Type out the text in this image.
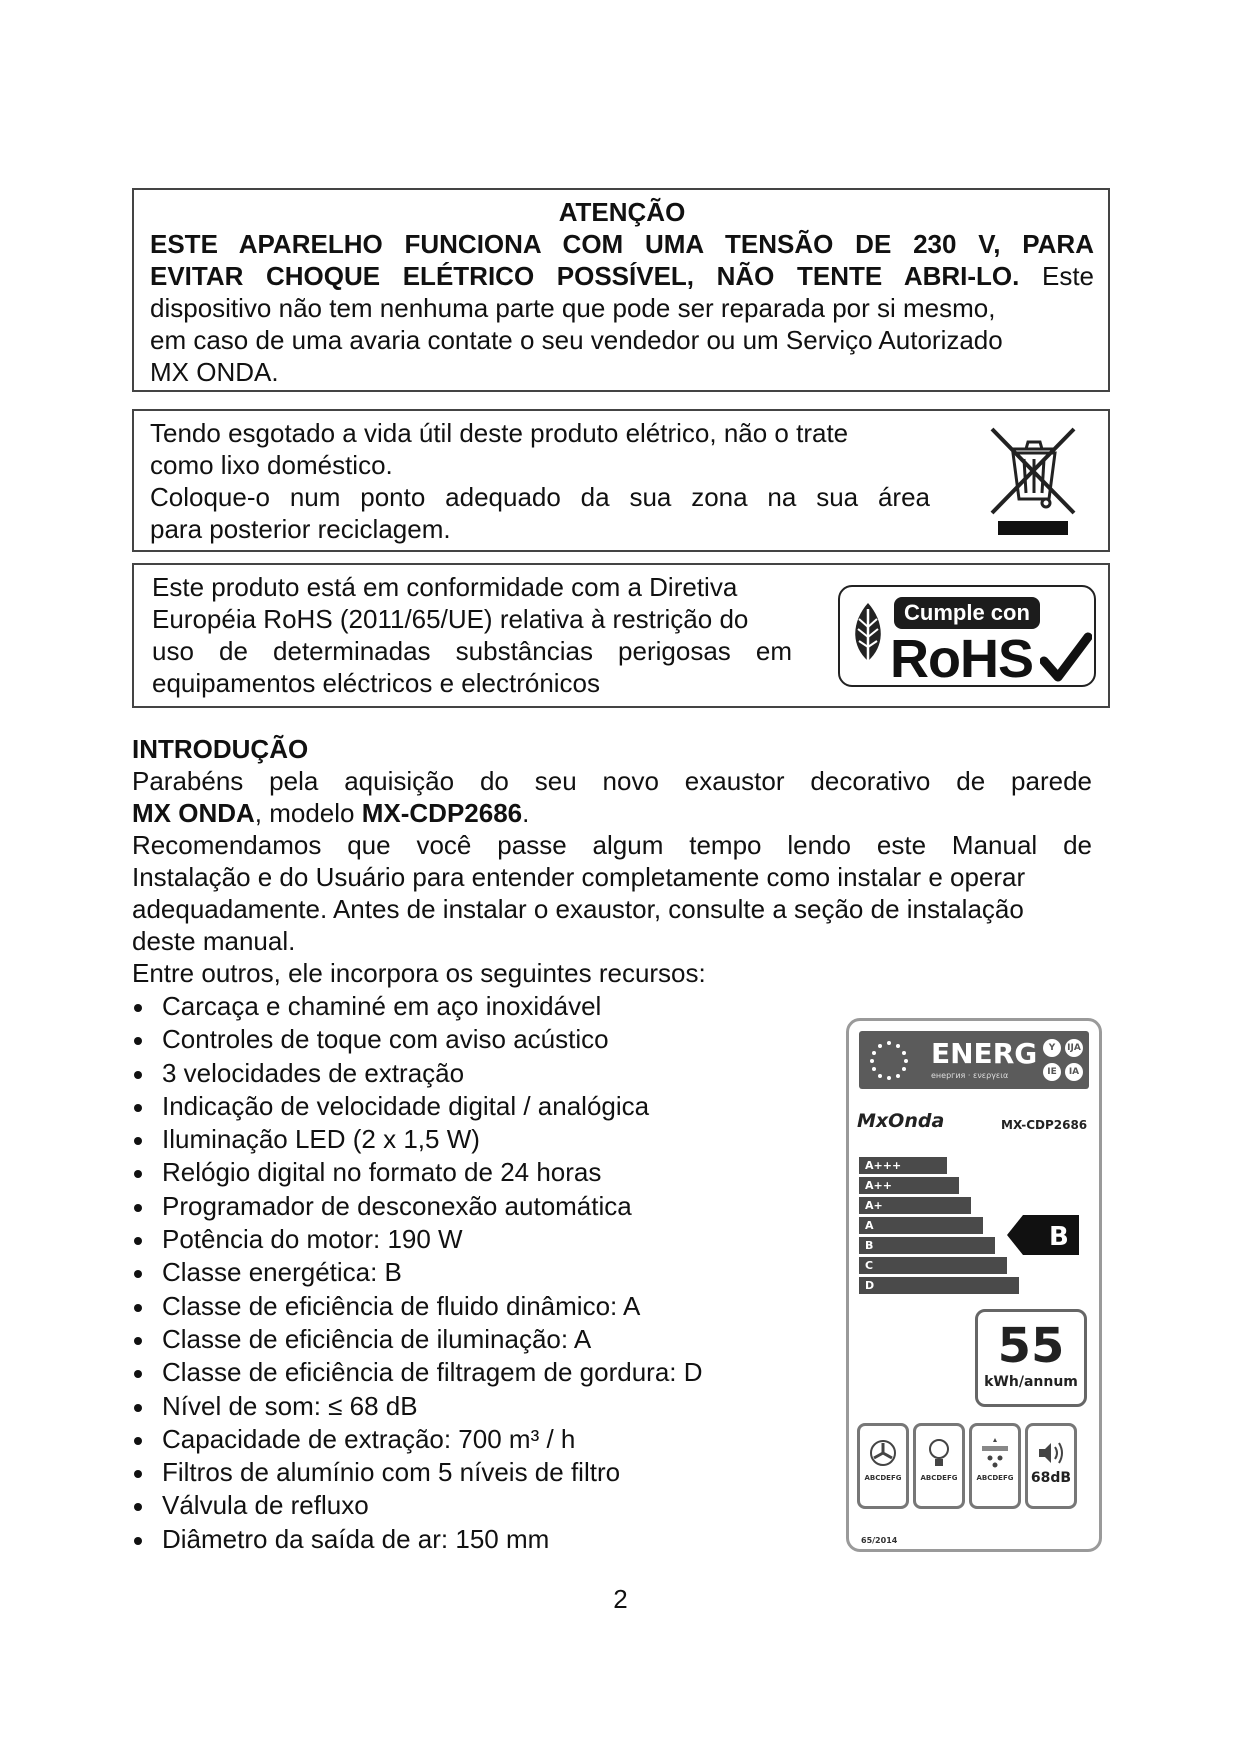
ATENÇÃO
ESTE APARELHO FUNCIONA COM UMA TENSÃO DE 230 V, PARA
EVITAR CHOQUE ELÉTRICO POSSÍVEL, NÃO TENTE ABRI-LO. Este
dispositivo não tem nenhuma parte que pode ser reparada por si mesmo,
em caso de uma avaria contate o seu vendedor ou um Serviço Autorizado
MX ONDA.
Tendo esgotado a vida útil deste produto elétrico, não o trate
como lixo doméstico.
Coloque-o num ponto adequado da sua zona na sua área
para posterior reciclagem.
Este produto está em conformidade com a Diretiva
Européia RoHS (2011/65/UE) relativa à restrição do
uso de determinadas substâncias perigosas em
equipamentos eléctricos e electrónicos
Cumple con
RoHS
INTRODUÇÃO
Parabéns pela aquisição do seu novo exaustor decorativo de parede
MX ONDA, modelo MX-CDP2686.
Recomendamos que você passe algum tempo lendo este Manual de
Instalação e do Usuário para entender completamente como instalar e operar
adequadamente. Antes de instalar o exaustor, consulte a seção de instalação
deste manual.
Entre outros, ele incorpora os seguintes recursos:
Carcaça e chaminé em aço inoxidável
Controles de toque com aviso acústico
3 velocidades de extração
Indicação de velocidade digital / analógica
Iluminação LED (2 x 1,5 W)
Relógio digital no formato de 24 horas
Programador de desconexão automática
Potência do motor: 190 W
Classe energética: B
Classe de eficiência de fluido dinâmico: A
Classe de eficiência de iluminação: A
Classe de eficiência de filtragem de gordura: D
Nível de som: ≤ 68 dB
Capacidade de extração: 700 m³ / h
Filtros de alumínio com 5 níveis de filtro
Válvula de refluxo
Diâmetro da saída de ar: 150 mm
ENERG
енергия · ενεργεια
Y	IJA
IE	IA
MxOnda	MX-CDP2686
A+++
A++
A+
A
B
C
D
B
55
kWh/annum
ABCDEFG	ABCDEFG	ABCDEFG	68dB
65/2014
2
